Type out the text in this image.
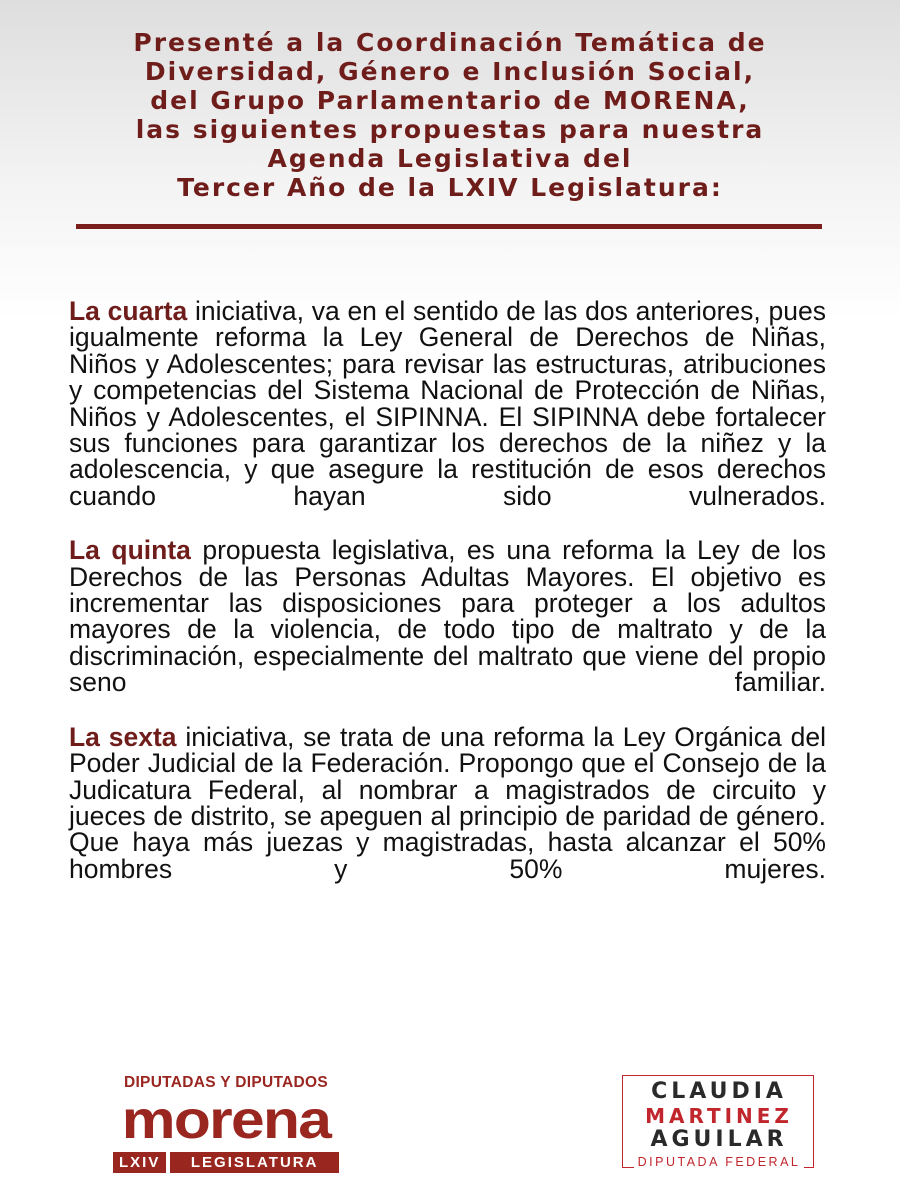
Presenté a la Coordinación Temática de
Diversidad, Género e Inclusión Social,
del Grupo Parlamentario de MORENA,
las siguientes propuestas para nuestra
Agenda Legislativa del
Tercer Año de la LXIV Legislatura:

La cuarta iniciativa, va en el sentido de las dos anteriores, pues igualmente reforma la Ley General de Derechos de Niñas, Niños y Adolescentes; para revisar las estructuras, atribuciones y competencias del Sistema Nacional de Protección de Niñas, Niños y Adolescentes, el SIPINNA. El SIPINNA debe fortalecer sus funciones para garantizar los derechos de la niñez y la adolescencia, y que asegure la restitución de esos derechos cuando hayan sido vulnerados.

La quinta propuesta legislativa, es una reforma la Ley de los Derechos de las Personas Adultas Mayores. El objetivo es incrementar las disposiciones para proteger a los adultos mayores de la violencia, de todo tipo de maltrato y de la discriminación, especialmente del maltrato que viene del propio seno familiar.

La sexta iniciativa, se trata de una reforma la Ley Orgánica del Poder Judicial de la Federación. Propongo que el Consejo de la Judicatura Federal, al nombrar a magistrados de circuito y jueces de distrito, se apeguen al principio de paridad de género. Que haya más juezas y magistradas, hasta alcanzar el 50% hombres y 50% mujeres.

DIPUTADAS Y DIPUTADOS
morena
LXIV	LEGISLATURA
CLAUDIA
MARTINEZ
AGUILAR DIPUTADA FEDERAL
